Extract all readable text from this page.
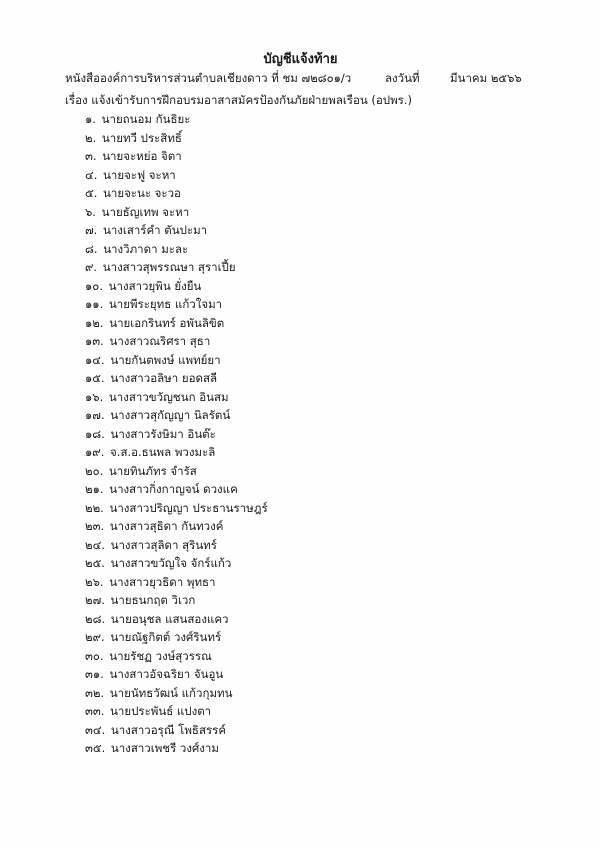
บัญชีแจ้งท้าย
หนังสือองค์การบริหารส่วนตำบลเชียงดาว ที่ ชม ๗๒๘๐๑/ว	ลงวันที่	มีนาคม ๒๕๖๖
เรื่อง แจ้งเข้ารับการฝึกอบรมอาสาสมัครป้องกันภัยฝ่ายพลเรือน (อปพร.)
๑. นายถนอม กันธิยะ
๒. นายทวี ประสิทธิ์
๓. นายจะหย่อ จิตา
๔. นายจะฟู จะหา
๕. นายจะนะ จะวอ
๖. นายธัญเทพ จะหา
๗. นางเสาร์คำ ตันปะมา
๘. นางวิภาดา มะละ
๙. นางสาวสุพรรณษา สุราเปี้ย
๑๐. นางสาวยุพิน ยั่งยืน
๑๑. นายพีระยุทธ แก้วใจมา
๑๒. นายเอกรินทร์ อพันลิขิต
๑๓. นางสาวณริศรา สุธา
๑๔. นายกันตพงษ์ แพทย์ยา
๑๕. นางสาวอลิษา ยอดสลี
๑๖. นางสาวขวัญชนก อินสม
๑๗. นางสาวสุกัญญา นิลรัตน์
๑๘. นางสาวรังษิมา อินต๊ะ
๑๙. จ.ส.อ.ธนพล พวงมะลิ
๒๐. นายทินภัทร จำรัส
๒๑. นางสาวกิ่งกาญจน์ ดวงแค
๒๒. นางสาวปริญญา ประธานราษฎร์
๒๓. นางสาวสุธิดา กันทวงค์
๒๔. นางสาวสุลิดา สุรินทร์
๒๕. นางสาวขวัญใจ จักร์แก้ว
๒๖. นางสาวยุวธิดา พุทธา
๒๗. นายธนกฤต วิเวก
๒๘. นายอนุชล แสนสองแคว
๒๙. นายณัฐกิตต์ วงศ์รินทร์
๓๐. นายรัชฏ วงษ์สุวรรณ
๓๑. นางสาวอัจฉริยา จันอูน
๓๒. นายนัทธวัฒน์ แก้วกุมทน
๓๓. นายประพันธ์ แปงตา
๓๔. นางสาวอรุณี โพธิสรรค์
๓๕. นางสาวเพชรี วงศ์งาม
